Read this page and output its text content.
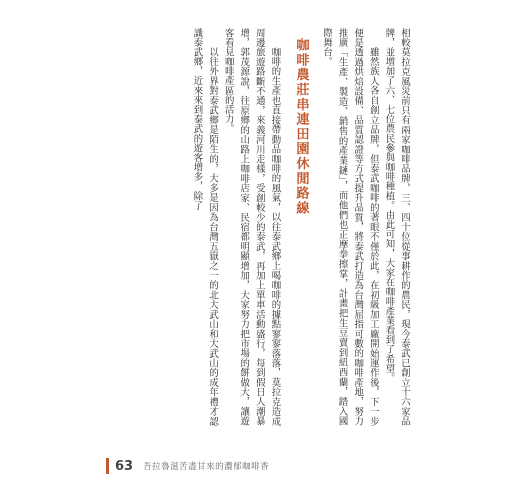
相較莫拉克風災前只有兩家咖啡品牌，三、四十位從事耕作的農民，現今泰武已創立十六家品牌，並增加了六、七位農民參與咖啡種植。由此可知，大家在咖啡產業看到了希望。

雖然族人各自創立品牌，但泰武咖啡的著眼不僅於此，在初級加工廠開始運作後，下一步便是透過烘焙設備、品質認證等方式提升品質，將泰武打造為台灣屈指可數的咖啡產地，努力推廣「生產、製造、銷售的產業鏈」，而他們也正摩拳擦掌，計畫把生豆賣到紐西蘭，踏入國際舞台。

咖啡農莊串連田園休閒路線

咖啡的生產也直接帶動品咖啡的風氣，以往泰武鄉上喝咖啡的據點寥寥落落，莫拉克造成周邊旅遊路斷不通，來義河川走樣，受創較少的泰武，再加上單車活動盛行，每到假日人潮暴增，郭茂源說，往原鄉的山路上咖啡店家、民宿都明顯增加，大家努力把市場的餅做大，讓遊客看見咖啡產區的活力。

以往外界對泰武鄉是陌生的，大多是因為台灣五嶽之一的北大武山和大武山的成年禮才認識泰武鄉，近來來到泰武的遊客增多，除了

63 吾拉魯滋苦盡甘來的濃郁咖啡香
